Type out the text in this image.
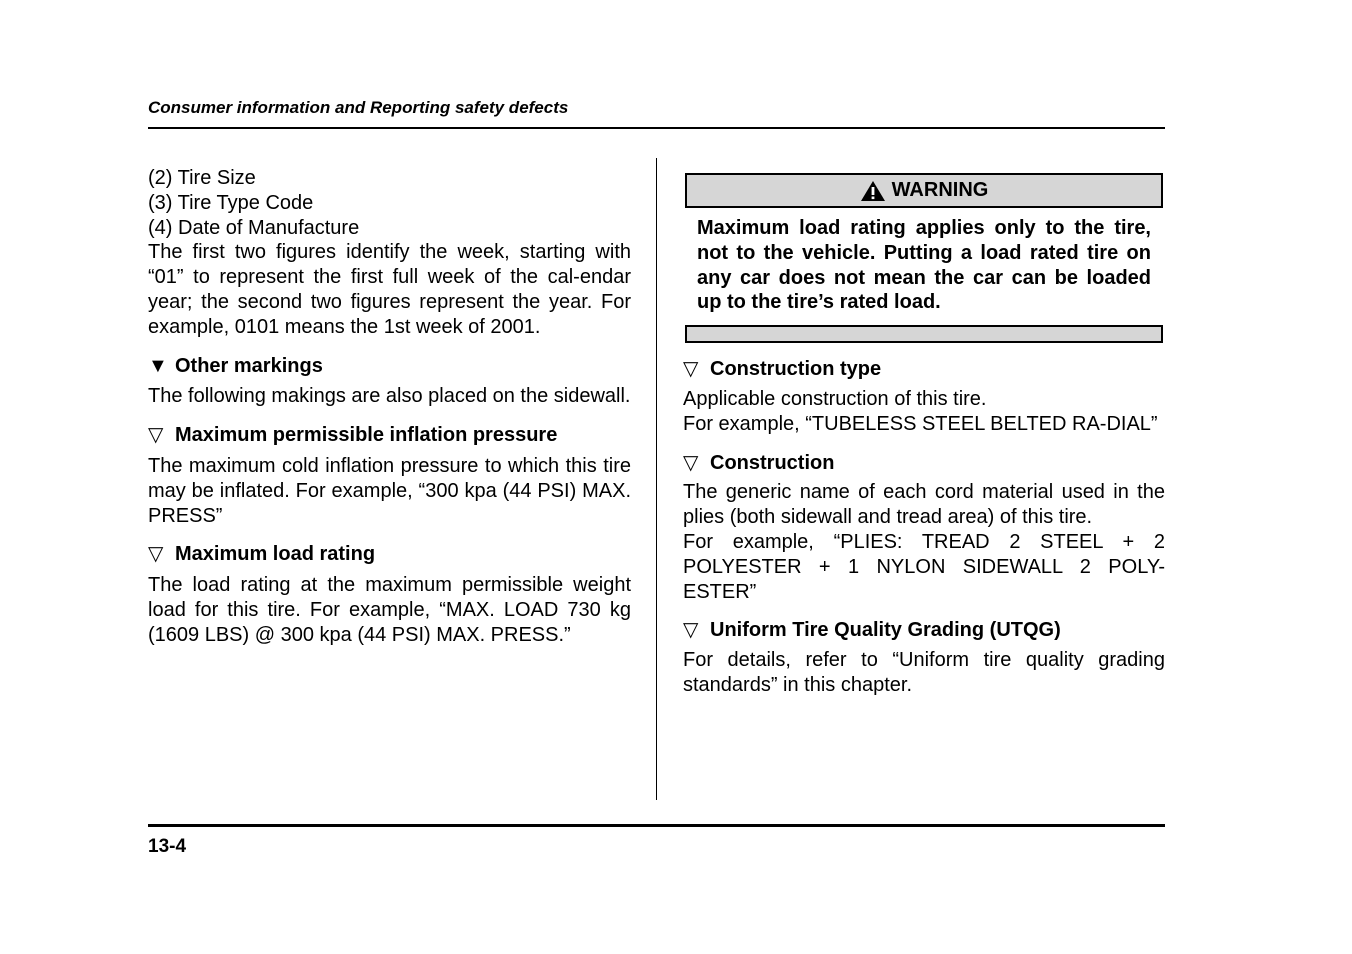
Consumer information and Reporting safety defects

(2) Tire Size

(3) Tire Type Code

(4) Date of Manufacture

The first two figures identify the week, starting with “01” to represent the first full week of the cal-endar year; the second two figures represent the year. For example, 0101 means the 1st week of 2001.

▼ Other markings

The following makings are also placed on the sidewall.

▽ Maximum permissible inflation pressure

The maximum cold inflation pressure to which this tire may be inflated. For example, “300 kpa (44 PSI) MAX. PRESS”

▽ Maximum load rating

The load rating at the maximum permissible weight load for this tire. For example, “MAX. LOAD 730 kg (1609 LBS) @ 300 kpa (44 PSI) MAX. PRESS.”

WARNING

Maximum load rating applies only to the tire, not to the vehicle. Putting a load rated tire on any car does not mean the car can be loaded up to the tire’s rated load.

▽ Construction type

Applicable construction of this tire.

For example, “TUBELESS STEEL BELTED RA-DIAL”

▽ Construction

The generic name of each cord material used in the plies (both sidewall and tread area) of this tire.

For example, “PLIES: TREAD 2 STEEL + 2 POLYESTER + 1 NYLON SIDEWALL 2 POLY-ESTER”

▽ Uniform Tire Quality Grading (UTQG)

For details, refer to “Uniform tire quality grading standards” in this chapter.

13-4
